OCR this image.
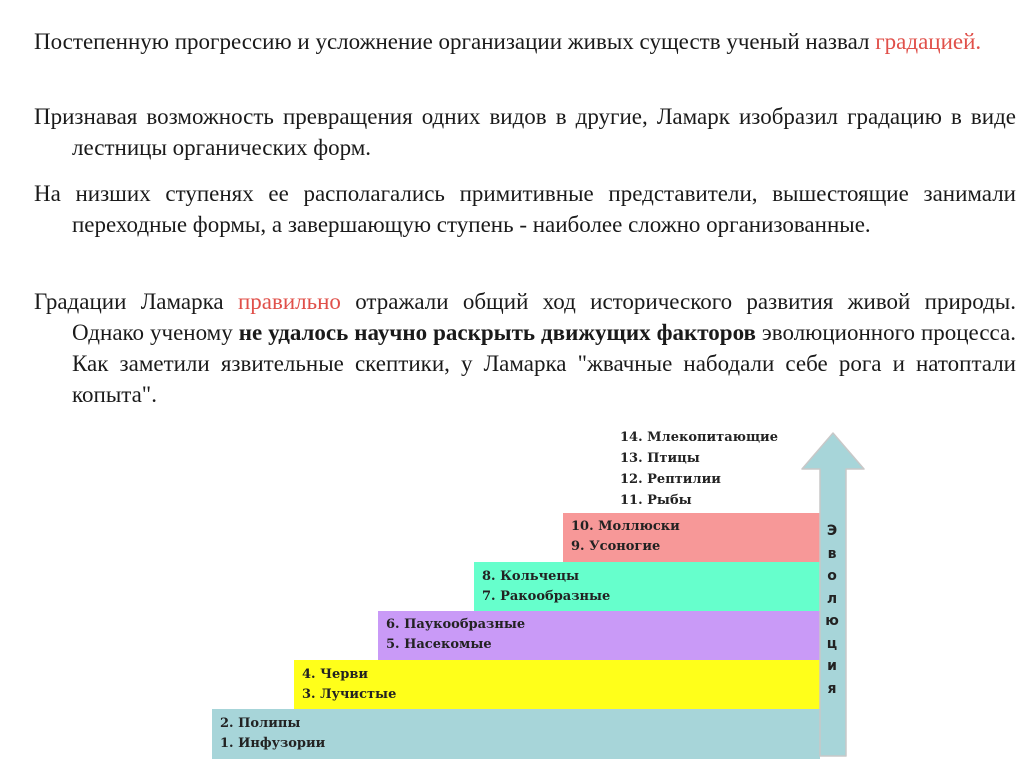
Постепенную прогрессию и усложнение организации живых существ ученый назвал градацией.
Признавая возможность превращения одних видов в другие, Ламарк изобразил градацию в виде лестницы органических форм.
На низших ступенях ее располагались примитивные представители, вышестоящие занимали переходные формы, а завершающую ступень - наиболее сложно организованные.
Градации Ламарка правильно отражали общий ход исторического развития живой природы. Однако ученому не удалось научно раскрыть движущих факторов эволюционного процесса. Как заметили язвительные скептики, у Ламарка "жвачные набодали себе рога и натоптали копыта".
2. Полипы
1. Инфузории
4. Черви
3. Лучистые
6. Паукообразные
5. Насекомые
8. Кольчецы
7. Ракообразные
10. Моллюски
9. Усоногие
14. Млекопитающие
13. Птицы
12. Рептилии
11. Рыбы
Э
в
о
л
ю
ц
и
я
